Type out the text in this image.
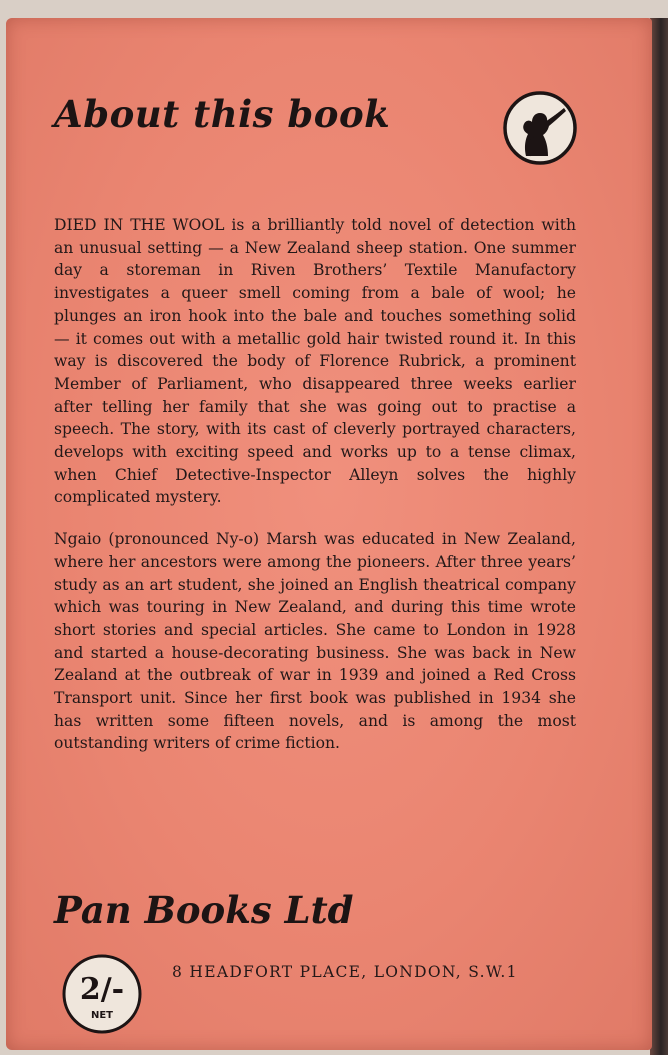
About this book

DIED IN THE WOOL is a brilliantly told novel of detection with an unusual setting — a New Zealand sheep station. One summer day a storeman in Riven Brothers’ Textile Manufactory investigates a queer smell coming from a bale of wool; he plunges an iron hook into the bale and touches something solid — it comes out with a metallic gold hair twisted round it. In this way is discovered the body of Florence Rubrick, a prominent Member of Parliament, who disappeared three weeks earlier after telling her family that she was going out to practise a speech. The story, with its cast of cleverly portrayed characters, develops with exciting speed and works up to a tense climax, when Chief Detective-Inspector Alleyn solves the highly complicated mystery.

Ngaio (pronounced Ny-o) Marsh was educated in New Zealand, where her ancestors were among the pioneers. After three years’ study as an art student, she joined an English theatrical company which was touring in New Zealand, and during this time wrote short stories and special articles. She came to London in 1928 and started a house-decorating business. She was back in New Zealand at the outbreak of war in 1939 and joined a Red Cross Transport unit. Since her first book was published in 1934 she has written some fifteen novels, and is among the most outstanding writers of crime fiction.

Pan Books Ltd
2/-
NET
8 HEADFORT PLACE, LONDON, S.W.1
